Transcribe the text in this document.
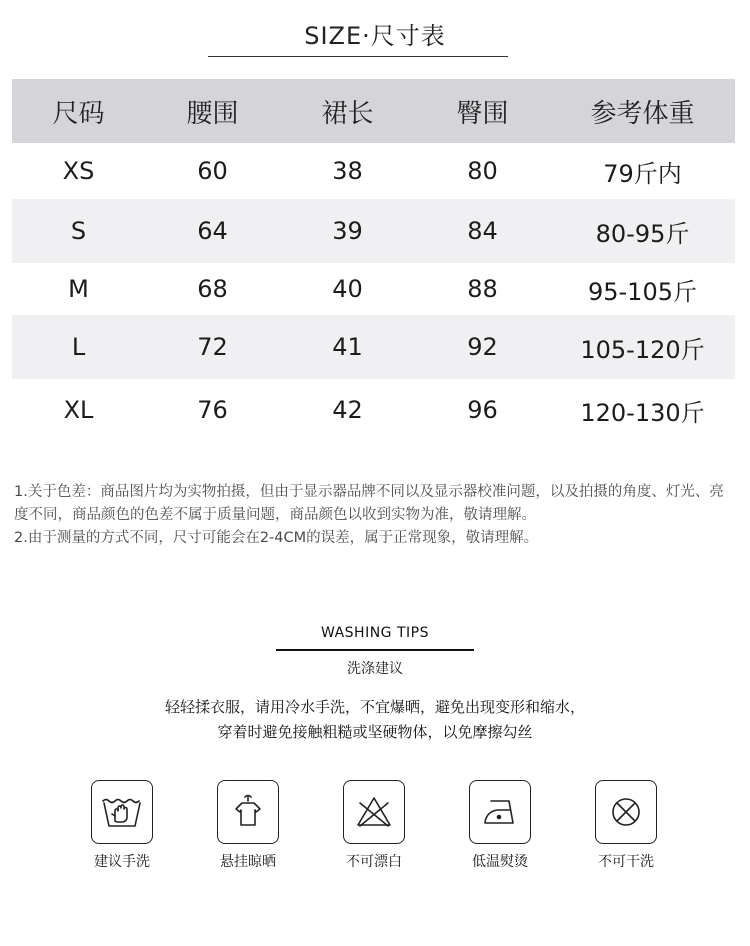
SIZE·尺寸表
尺码	腰围	裙长	臀围	参考体重
XS	60	38	80	79斤内
S	64	39	84	80-95斤
M	68	40	88	95-105斤
L	72	41	92	105-120斤
XL	76	42	96	120-130斤

1.关于色差：商品图片均为实物拍摄，但由于显示器品牌不同以及显示器校准问题，以及拍摄的角度、灯光、亮度不同，商品颜色的色差不属于质量问题，商品颜色以收到实物为准，敬请理解。

2.由于测量的方式不同，尺寸可能会在2-4CM的误差，属于正常现象，敬请理解。

WASHING TIPS
洗涤建议

轻轻揉衣服，请用冷水手洗，不宜爆晒，避免出现变形和缩水，

穿着时避免接触粗糙或坚硬物体，以免摩擦勾丝

建议手洗	悬挂晾晒	不可漂白	低温熨烫	不可干洗
